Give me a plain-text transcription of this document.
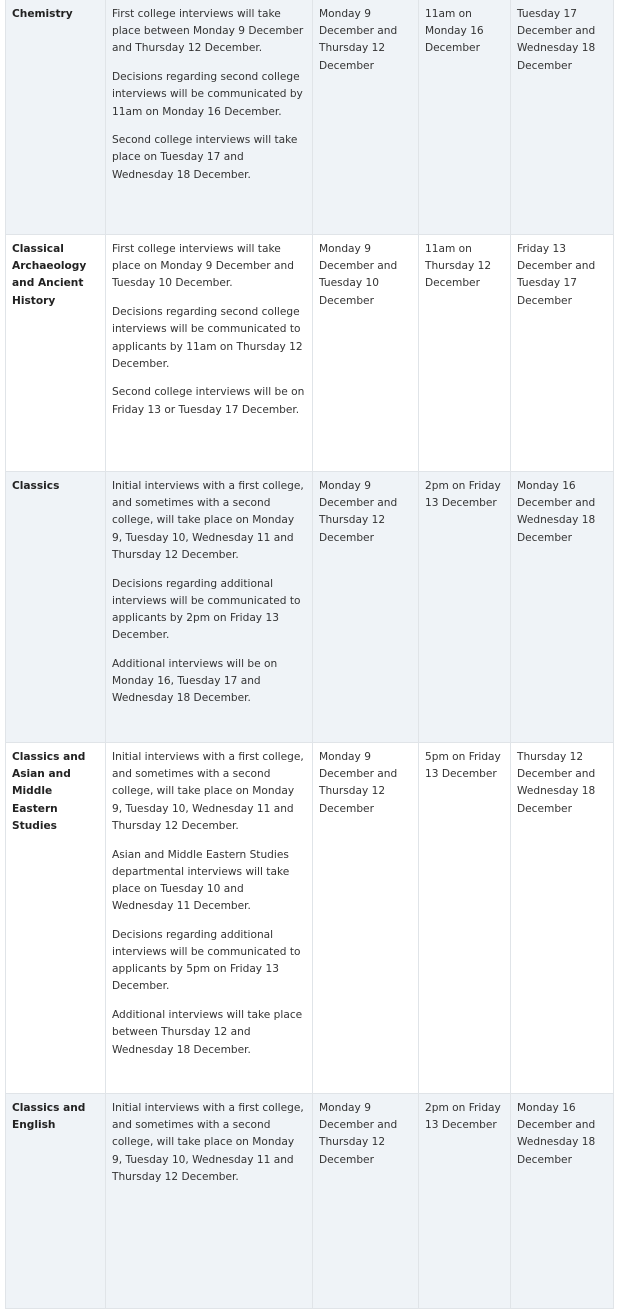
Chemistry	First college interviews will take place between Monday 9 December and Thursday 12 December.

Decisions regarding second college interviews will be communicated by 11am on Monday 16 December.

Second college interviews will take place on Tuesday 17 and Wednesday 18 December.	Monday 9 December and Thursday 12 December	11am on Monday 16 December	Tuesday 17 December and Wednesday 18 December
Classical Archaeology and Ancient History	First college interviews will take place on Monday 9 December and Tuesday 10 December.

Decisions regarding second college interviews will be communicated to applicants by 11am on Thursday 12 December.

Second college interviews will be on Friday 13 or Tuesday 17 December.	Monday 9 December and Tuesday 10 December	11am on Thursday 12 December	Friday 13 December and Tuesday 17 December
Classics	Initial interviews with a first college, and sometimes with a second college, will take place on Monday 9, Tuesday 10, Wednesday 11 and Thursday 12 December.

Decisions regarding additional interviews will be communicated to applicants by 2pm on Friday 13 December.

Additional interviews will be on Monday 16, Tuesday 17 and Wednesday 18 December.	Monday 9 December and Thursday 12 December	2pm on Friday 13 December	Monday 16 December and Wednesday 18 December
Classics and Asian and Middle Eastern Studies	Initial interviews with a first college, and sometimes with a second college, will take place on Monday 9, Tuesday 10, Wednesday 11 and Thursday 12 December.

Asian and Middle Eastern Studies departmental interviews will take place on Tuesday 10 and Wednesday 11 December.

Decisions regarding additional interviews will be communicated to applicants by 5pm on Friday 13 December.

Additional interviews will take place between Thursday 12 and Wednesday 18 December.	Monday 9 December and Thursday 12 December	5pm on Friday 13 December	Thursday 12 December and Wednesday 18 December
Classics and English	Initial interviews with a first college, and sometimes with a second college, will take place on Monday 9, Tuesday 10, Wednesday 11 and Thursday 12 December.	Monday 9 December and Thursday 12 December	2pm on Friday 13 December	Monday 16 December and Wednesday 18 December
